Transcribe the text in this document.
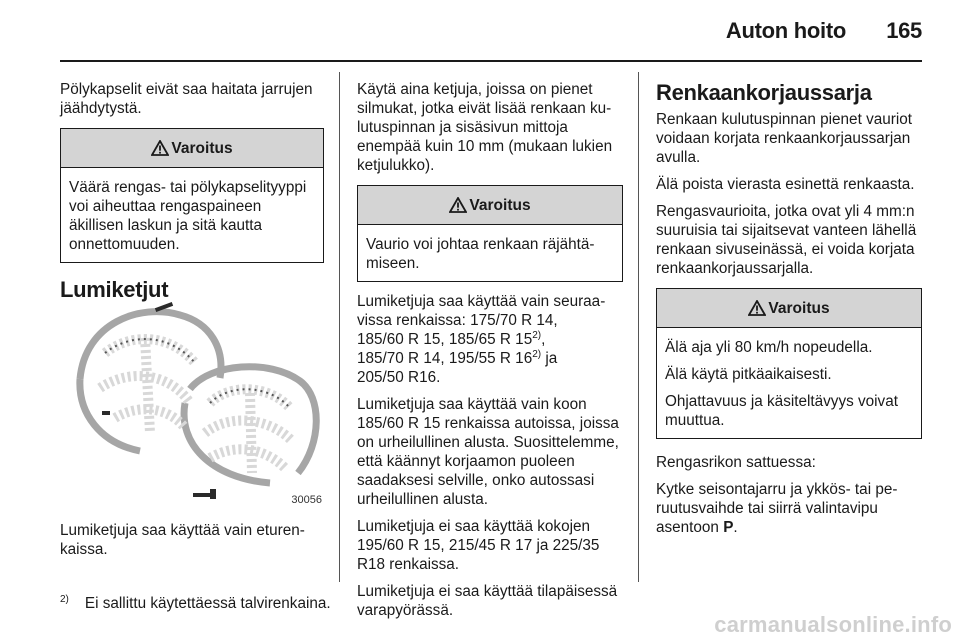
Auton hoito	165

Pölykapselit eivät saa haitata jarrujen jäähdytystä.

Varoitus

Väärä rengas- tai pölykapselityyppi voi aiheuttaa rengaspaineen äkillisen laskun ja sitä kautta onnettomuuden.

Lumiketjut
30056

Lumiketjuja saa käyttää vain eturenkaissa.

Käytä aina ketjuja, joissa on pienet silmukat, jotka eivät lisää renkaan kulutuspinnan ja sisäsivun mittoja enempää kuin 10 mm (mukaan lukien ketjulukko).

Varoitus

Vaurio voi johtaa renkaan räjähtämiseen.

Lumiketjuja saa käyttää vain seuraavissa renkaissa: 175/70 R 14,
185/60 R 15, 185/65 R 15$^{2)}$,
185/70 R 14, 195/55 R 16$^{2)}$ ja
205/50 R16.

Lumiketjuja saa käyttää vain koon 185/60 R 15 renkaissa autoissa, joissa on urheilullinen alusta. Suosittelemme, että käännyt korjaamon puoleen saadaksesi selville, onko autossasi urheilullinen alusta.

Lumiketjuja ei saa käyttää kokojen 195/60 R 15, 215/45 R 17 ja 225/35 R18 renkaissa.

Lumiketjuja ei saa käyttää tilapäisessä varapyörässä.

Renkaankorjaussarja

Renkaan kulutuspinnan pienet vauriot voidaan korjata renkaankorjaussarjan avulla.

Älä poista vierasta esinettä renkaasta.

Rengasvaurioita, jotka ovat yli 4 mm:n suuruisia tai sijaitsevat vanteen lähellä renkaan sivuseinässä, ei voida korjata renkaankorjaussarjalla.

Varoitus

Älä aja yli 80 km/h nopeudella.

Älä käytä pitkäaikaisesti.

Ohjattavuus ja käsiteltävyys voivat muuttua.

Rengasrikon sattuessa:

Kytke seisontajarru ja ykkös- tai peruutusvaihde tai siirrä valintavipu asentoon P.

$^{2)}$ Ei sallittu käytettäessä talvirenkaina.
carmanualsonline.info
